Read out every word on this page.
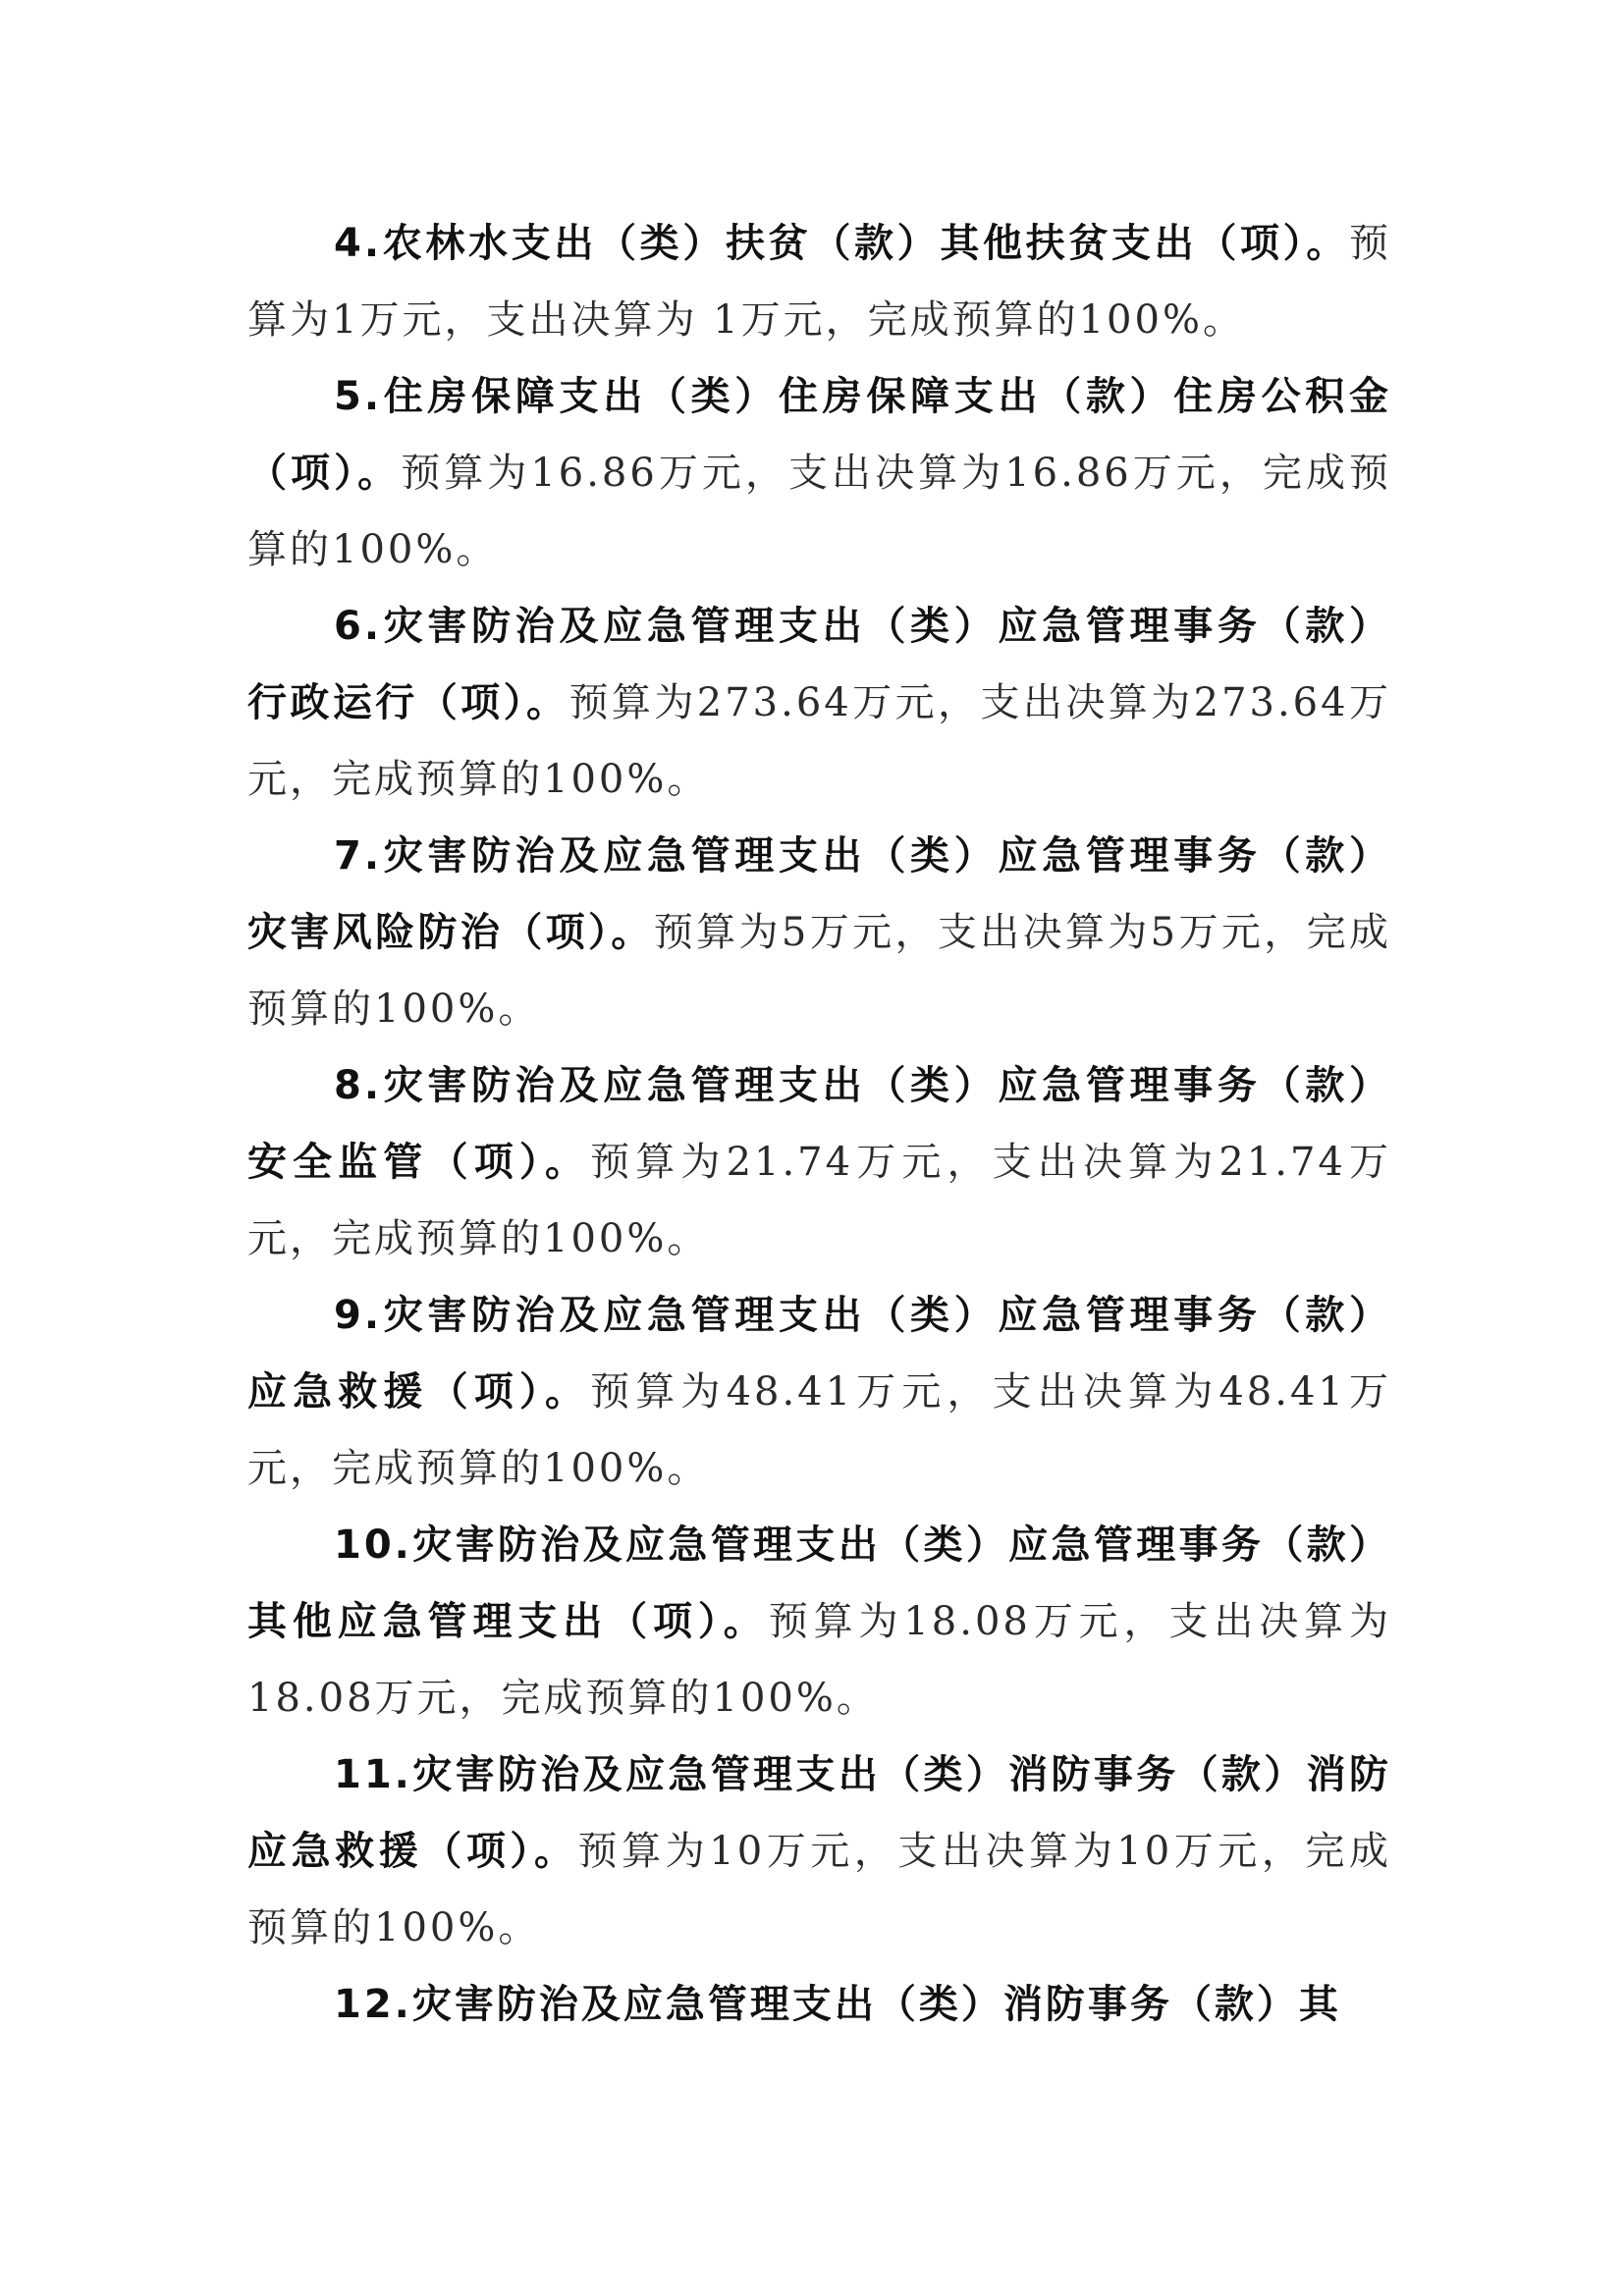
4.农林水支出（类）扶贫（款）其他扶贫支出（项）。预算为1万元，支出决算为 1万元，完成预算的100%。

5.住房保障支出（类）住房保障支出（款）住房公积金（项）。预算为16.86万元，支出决算为16.86万元，完成预算的100%。

6.灾害防治及应急管理支出（类）应急管理事务（款）行政运行（项）。预算为273.64万元，支出决算为273.64万元，完成预算的100%。

7.灾害防治及应急管理支出（类）应急管理事务（款）灾害风险防治（项）。预算为5万元，支出决算为5万元，完成预算的100%。

8.灾害防治及应急管理支出（类）应急管理事务（款）安全监管（项）。预算为21.74万元，支出决算为21.74万元，完成预算的100%。

9.灾害防治及应急管理支出（类）应急管理事务（款）应急救援（项）。预算为48.41万元，支出决算为48.41万元，完成预算的100%。

10.灾害防治及应急管理支出（类）应急管理事务（款）其他应急管理支出（项）。预算为18.08万元，支出决算为18.08万元，完成预算的100%。

11.灾害防治及应急管理支出（类）消防事务（款）消防应急救援（项）。预算为10万元，支出决算为10万元，完成预算的100%。

12.灾害防治及应急管理支出（类）消防事务（款）其
